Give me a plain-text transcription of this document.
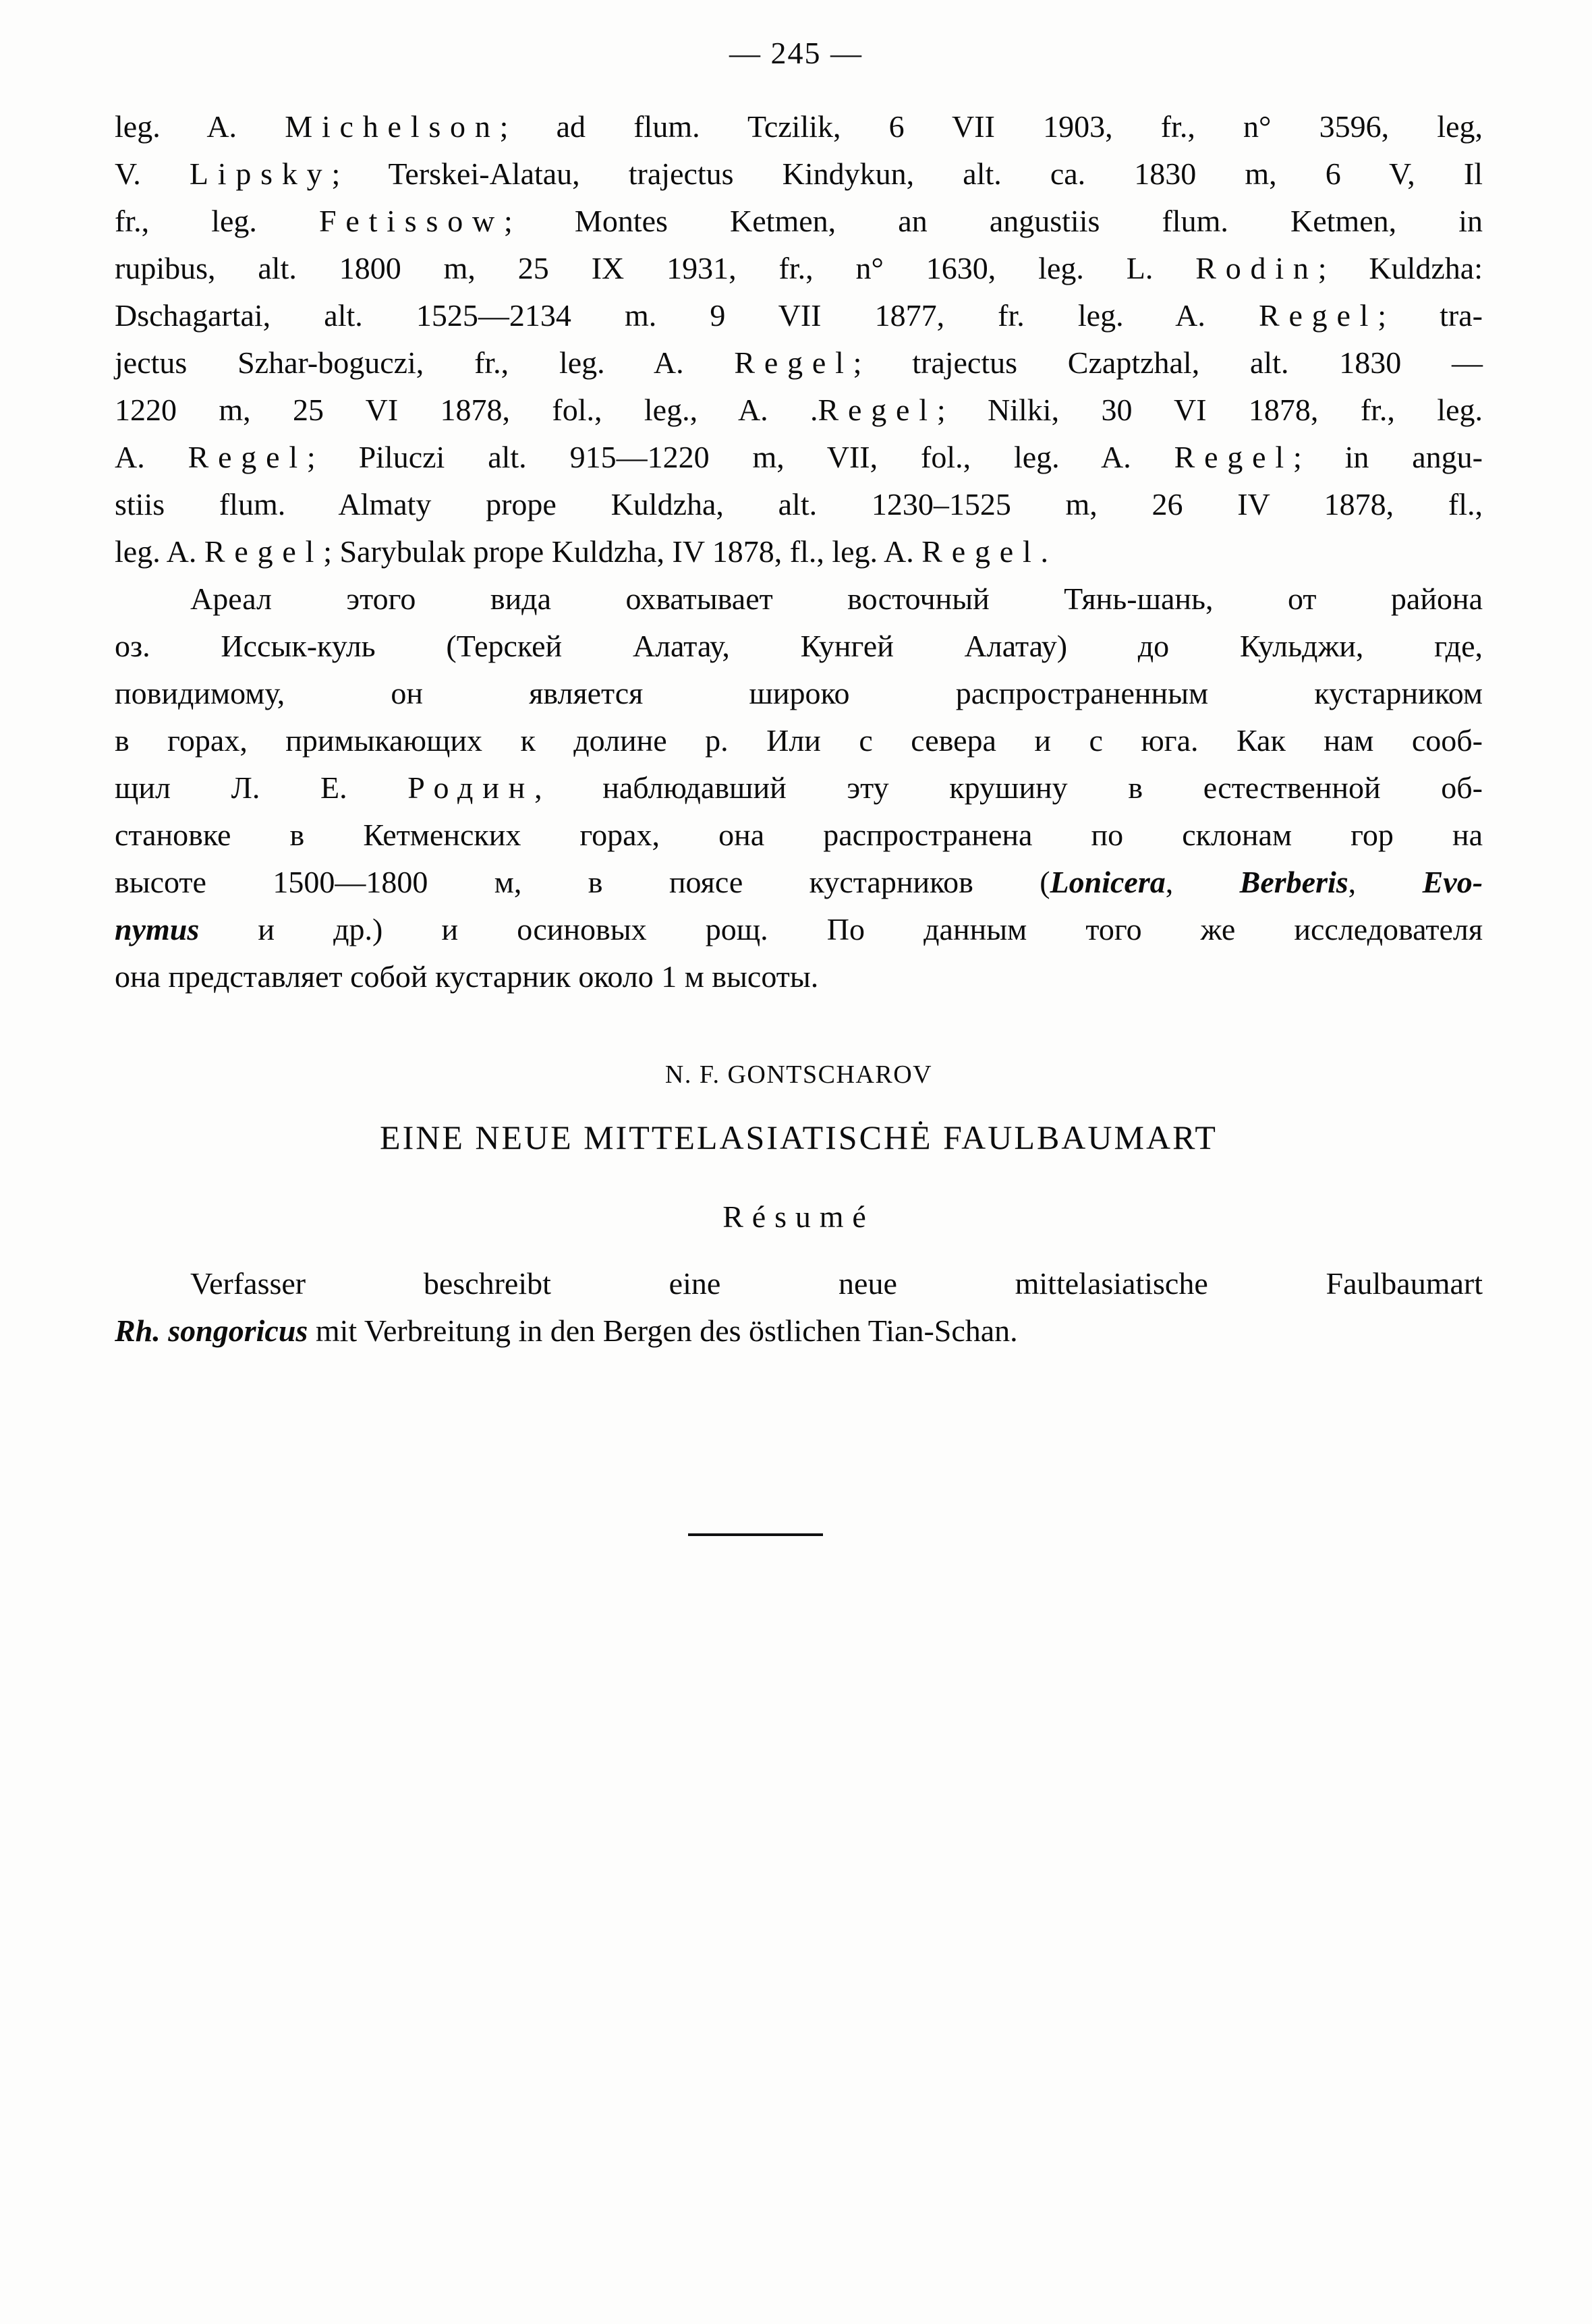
— 245 —
leg. A. Michelson; ad flum. Tczilik, 6 VII 1903, fr., n° 3596, leg,
V. Lipsky; Terskei-Alatau, trajectus Kindykun, alt. ca. 1830 m, 6 V, Il
fr., leg. Fetissow; Montes Ketmen, an angustiis flum. Ketmen, in
rupibus, alt. 1800 m, 25 IX 1931, fr., n° 1630, leg. L. Rodin; Kuldzha:
Dschagartai, alt. 1525—2134 m. 9 VII 1877, fr. leg. A. Regel; tra-
jectus Szhar-boguczi, fr., leg. A. Regel; trajectus Czaptzhal, alt. 1830 —
1220 m, 25 VI 1878, fol., leg., A. .Regel; Nilki, 30 VI 1878, fr., leg.
A. Regel; Piluczi alt. 915—1220 m, VII, fol., leg. A. Regel; in angu-
stiis flum. Almaty prope Kuldzha, alt. 1230–1525 m, 26 IV 1878, fl.,
leg. A. Regel; Sarybulak prope Kuldzha, IV 1878, fl., leg. A. Regel.
Ареал этого вида охватывает восточный Тянь-шань, от района
оз. Иссык-куль (Терскей Алатау, Кунгей Алатау) до Кульджи, где,
повидимому, он является широко распространенным кустарником
в горах, примыкающих к долине р. Или с севера и с юга. Как нам сооб-
щил Л. Е. Родин, наблюдавший эту крушину в естественной об-
становке в Кетменских горах, она распространена по склонам гор на
высоте 1500—1800 м, в поясе кустарников (Lonicera, Berberis, Evo-
nymus и др.) и осиновых рощ. По данным того же исследователя
она представляет собой кустарник около 1 м высоты.
N. F. GONTSCHAROV
EINE NEUE MITTELASIATISCHĖ FAULBAUMART
Résumé
Verfasser beschreibt eine neue mittelasiatische Faulbaumart
Rh. songoricus mit Verbreitung in den Bergen des östlichen Tian-Schan.
